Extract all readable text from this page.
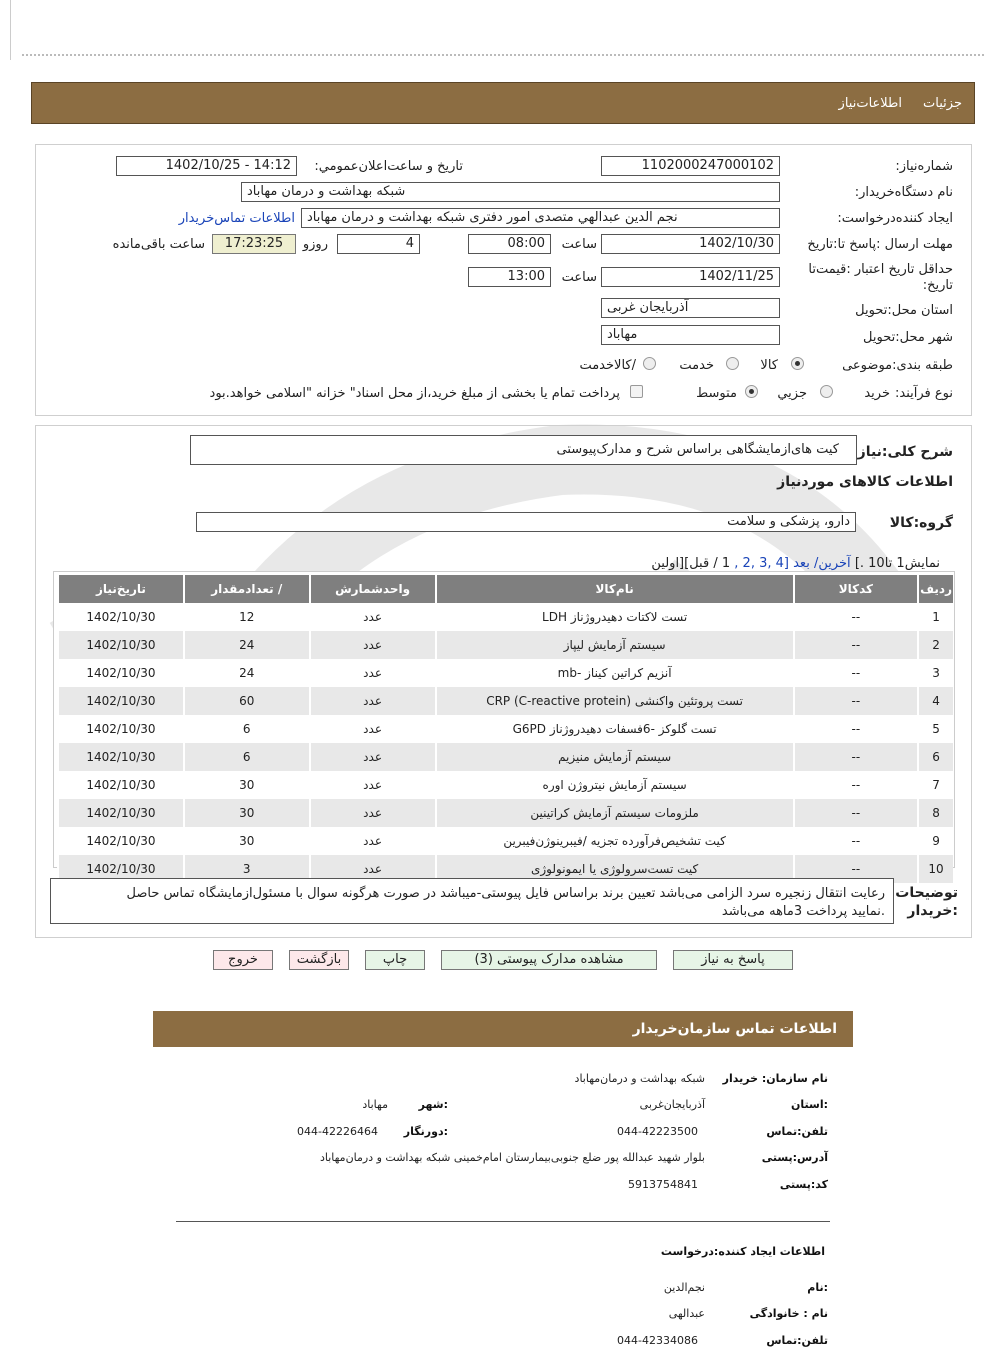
جزئيات
اطلاعات‌نیاز
شماره‌نیاز:
1102000247000102
تاریخ و ساعت‌اعلان‌عمومي:
1402/10/25 - 14:12
نام دستگاه‌خریدار:
شبكه بهداشت و درمان مهاباد
ایجاد کننده‌درخواست:
نجم الدين عبدالهي متصدی امور دفتری شبكه بهداشت و درمان مهاباد
اطلاعات تماس‌خریدار
مهلت ارسال :پاسخ تا:تاریخ
1402/10/30
ساعت
08:00
4
روزو
17:23:25
ساعت باقی‌مانده
حداقل تاریخ اعتبار :قیمت‌تا تاریخ:
1402/11/25
ساعت
13:00
استان محل:تحویل
آذربایجان غربی
شهر محل:تحویل
مهاباد
طبقه بندی:موضوعی
کالا
خدمت
/کالاخدمت
نوع فرآیند:
خرید
جزيي
متوسط
پرداخت تمام یا بخشی از مبلغ خرید،از محل اسناد" خزانه "اسلامی خواهد.بود
شرح کلی:نیاز
کیت های‌ازمایشگاهی براساس شرح و مدارک‌پیوستی
اطلاعات کالاهای موردنیاز
گروه:کالا
دارو، پزشکی و سلامت
نمایش1 تا10 .] آخرین/ بعد [4 ,3 ,2 , 1 / قبل][اولین
ردیف	کدکالا	نام‌کالا	واحدشمارش	/ تعدادمقدار	تاریخ‌نیاز
1	--	تست لاکتات دهیدروژناز LDH	عدد	12	1402/10/30
2	--	سیستم آزمایش لیپاز	عدد	24	1402/10/30
3	--	آنزیم کراتین کیناز -mb	عدد	24	1402/10/30
4	--	تست پروتئین واکنشی (CRP (C-reactive protein	عدد	60	1402/10/30
5	--	تست گلوکز -6فسفات دهیدروژناز G6PD	عدد	6	1402/10/30
6	--	سیستم آزمایش منیزیم	عدد	6	1402/10/30
7	--	سیستم آزمایش نیتروژن اوره	عدد	30	1402/10/30
8	--	ملزومات سیستم آزمایش کراتینین	عدد	30	1402/10/30
9	--	کیت تشخیص‌فرآورده تجزیه /فیبرینوژن‌فیبرین	عدد	30	1402/10/30
10	--	کیت تست‌سرولوژی یا ایمونولوژی	عدد	3	1402/10/30
توضیحات :خریدار
رعایت انتقال زنجیره سرد الزامی می‌باشد تعیین برند براساس فایل پیوستی-میباشد در صورت هرگونه سوال با مسئول‌ازمایشگاه تماس حاصل
.نمایید پرداخت 3ماهه می‌باشد
پاسخ به نیاز
مشاهده مدارک پیوستی (3)
چاپ
بازگشت
خروج
اطلاعات تماس سازمان‌خریدار
نام سازمان: خریدار
شبکه بهداشت و درمان‌مهاباد
:استان
آذربایجان‌غربی
:شهر
مهاباد
تلفن:تماس
044-42223500
:دورنگار
044-42226464
آدرس:پستی
بلوار شهید عبدالله پور ضلع جنوبی‌بیمارستان امام‌خمینی شبکه بهداشت و درمان‌مهاباد
کد:پستی
5913754841
اطلاعات ایجاد کننده:درخواست
:نام
نجم‌الدین
نام : خانوادگی
عبدالهی
تلفن:تماس
044-42334086
